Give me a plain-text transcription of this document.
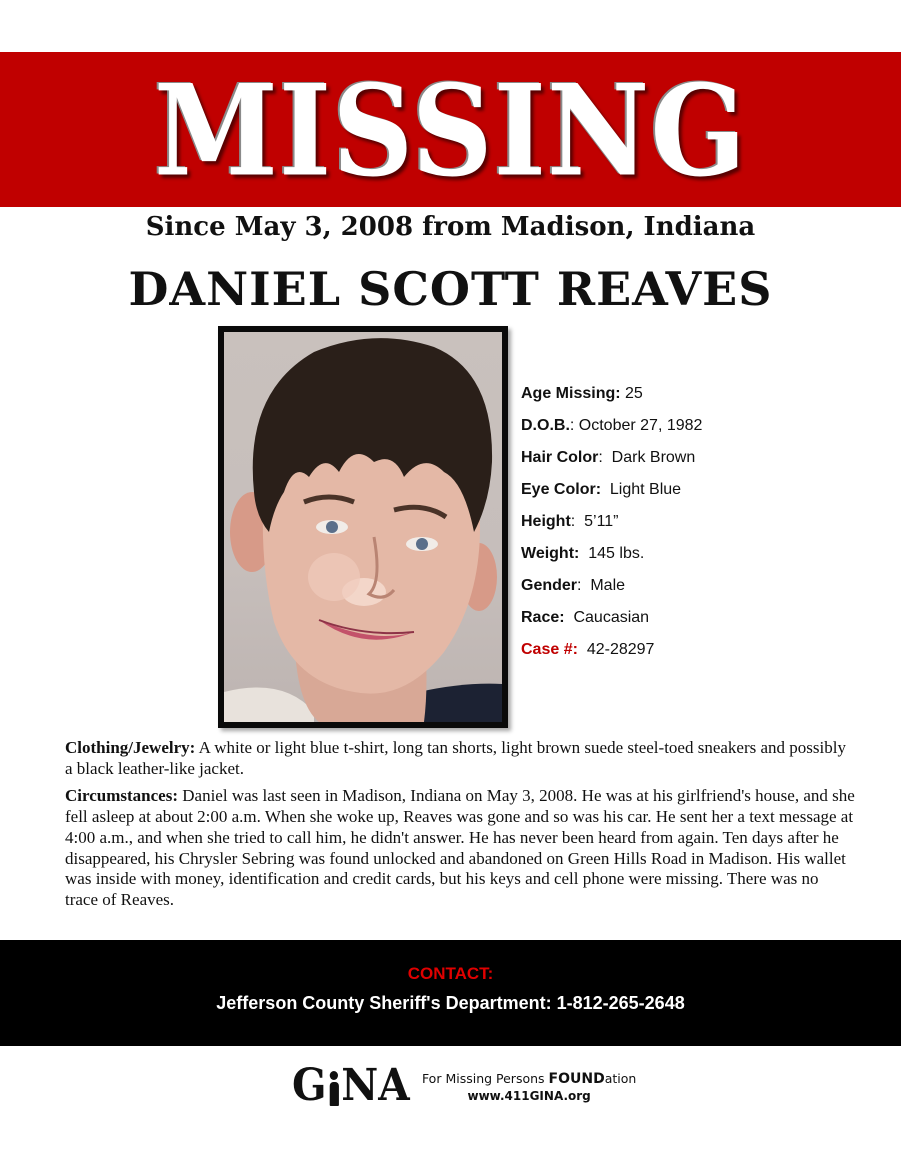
MISSING
Since May 3, 2008 from Madison, Indiana
DANIEL SCOTT REAVES
Age Missing: 25
D.O.B.: October 27, 1982
Hair Color:  Dark Brown
Eye Color:  Light Blue
Height:  5’11”
Weight:  145 lbs.
Gender:  Male
Race:  Caucasian
Case #:  42-28297

Clothing/Jewelry: A white or light blue t-shirt, long tan shorts, light brown suede steel-toed sneakers and possibly a black leather-like jacket.

Circumstances: Daniel was last seen in Madison, Indiana on May 3, 2008. He was at his girlfriend's house, and she fell asleep at about 2:00 a.m. When she woke up, Reaves was gone and so was his car. He sent her a text message at 4:00 a.m., and when she tried to call him, he didn't answer. He has never been heard from again. Ten days after he disappeared, his Chrysler Sebring was found unlocked and abandoned on Green Hills Road in Madison. His wallet was inside with money, identification and credit cards, but his keys and cell phone were missing. There was no trace of Reaves.

CONTACT:
Jefferson County Sheriff's Department: 1-812-265-2648
G NA For Missing Persons FOUNDation
www.411GINA.org
